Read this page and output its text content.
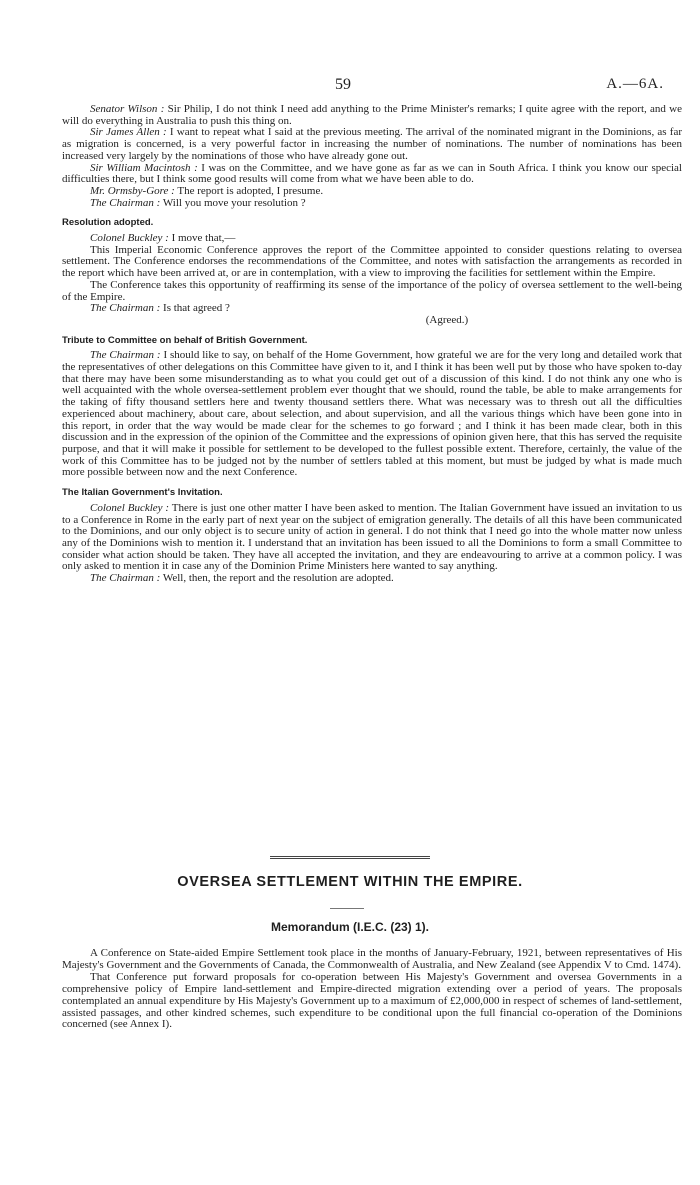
59	A.—6A.

Senator Wilson : Sir Philip, I do not think I need add anything to the Prime Minister's remarks; I quite agree with the report, and we will do everything in Australia to push this thing on.

Sir James Allen : I want to repeat what I said at the previous meeting. The arrival of the nominated migrant in the Dominions, as far as migration is concerned, is a very powerful factor in increasing the number of nominations. The number of nominations has been increased very largely by the nominations of those who have already gone out.

Sir William Macintosh : I was on the Committee, and we have gone as far as we can in South Africa. I think you know our special difficulties there, but I think some good results will come from what we have been able to do.

Mr. Ormsby-Gore : The report is adopted, I presume.

The Chairman : Will you move your resolution ?

Resolution adopted.

Colonel Buckley : I move that,—

This Imperial Economic Conference approves the report of the Committee appointed to consider questions relating to oversea settlement. The Conference endorses the recommendations of the Committee, and notes with satisfaction the arrangements as recorded in the report which have been arrived at, or are in contemplation, with a view to improving the facilities for settlement within the Empire.

The Conference takes this opportunity of reaffirming its sense of the importance of the policy of oversea settlement to the well-being of the Empire.

The Chairman : Is that agreed ?

(Agreed.)

Tribute to Committee on behalf of British Government.

The Chairman : I should like to say, on behalf of the Home Government, how grateful we are for the very long and detailed work that the representatives of other delegations on this Committee have given to it, and I think it has been well put by those who have spoken to-day that there may have been some misunderstanding as to what you could get out of a discussion of this kind. I do not think any one who is well acquainted with the whole oversea-settlement problem ever thought that we should, round the table, be able to make arrangements for the taking of fifty thousand settlers here and twenty thousand settlers there. What was necessary was to thresh out all the difficulties experienced about machinery, about care, about selection, and about supervision, and all the various things which have been gone into in this report, in order that the way would be made clear for the schemes to go forward ; and I think it has been made clear, both in this discussion and in the expression of the opinion of the Committee and the expressions of opinion given here, that this has served the requisite purpose, and that it will make it possible for settlement to be developed to the fullest possible extent. Therefore, certainly, the value of the work of this Committee has to be judged not by the number of settlers tabled at this moment, but must be judged by what is made much more possible between now and the next Conference.

The Italian Government's Invitation.

Colonel Buckley : There is just one other matter I have been asked to mention. The Italian Government have issued an invitation to us to a Conference in Rome in the early part of next year on the subject of emigration generally. The details of all this have been communicated to the Dominions, and our only object is to secure unity of action in general. I do not think that I need go into the whole matter now unless any of the Dominions wish to mention it. I understand that an invitation has been issued to all the Dominions to form a small Committee to consider what action should be taken. They have all accepted the invitation, and they are endeavouring to arrive at a common policy. I was only asked to mention it in case any of the Dominion Prime Ministers here wanted to say anything.

The Chairman : Well, then, the report and the resolution are adopted.

OVERSEA SETTLEMENT WITHIN THE EMPIRE.
Memorandum (I.E.C. (23) 1).

A Conference on State-aided Empire Settlement took place in the months of January-February, 1921, between representatives of His Majesty's Government and the Governments of Canada, the Commonwealth of Australia, and New Zealand (see Appendix V to Cmd. 1474).

That Conference put forward proposals for co-operation between His Majesty's Government and oversea Governments in a comprehensive policy of Empire land-settlement and Empire-directed migration extending over a period of years. The proposals contemplated an annual expenditure by His Majesty's Government up to a maximum of £2,000,000 in respect of schemes of land-settlement, assisted passages, and other kindred schemes, such expenditure to be conditional upon the full financial co-operation of the Dominions concerned (see Annex I).
